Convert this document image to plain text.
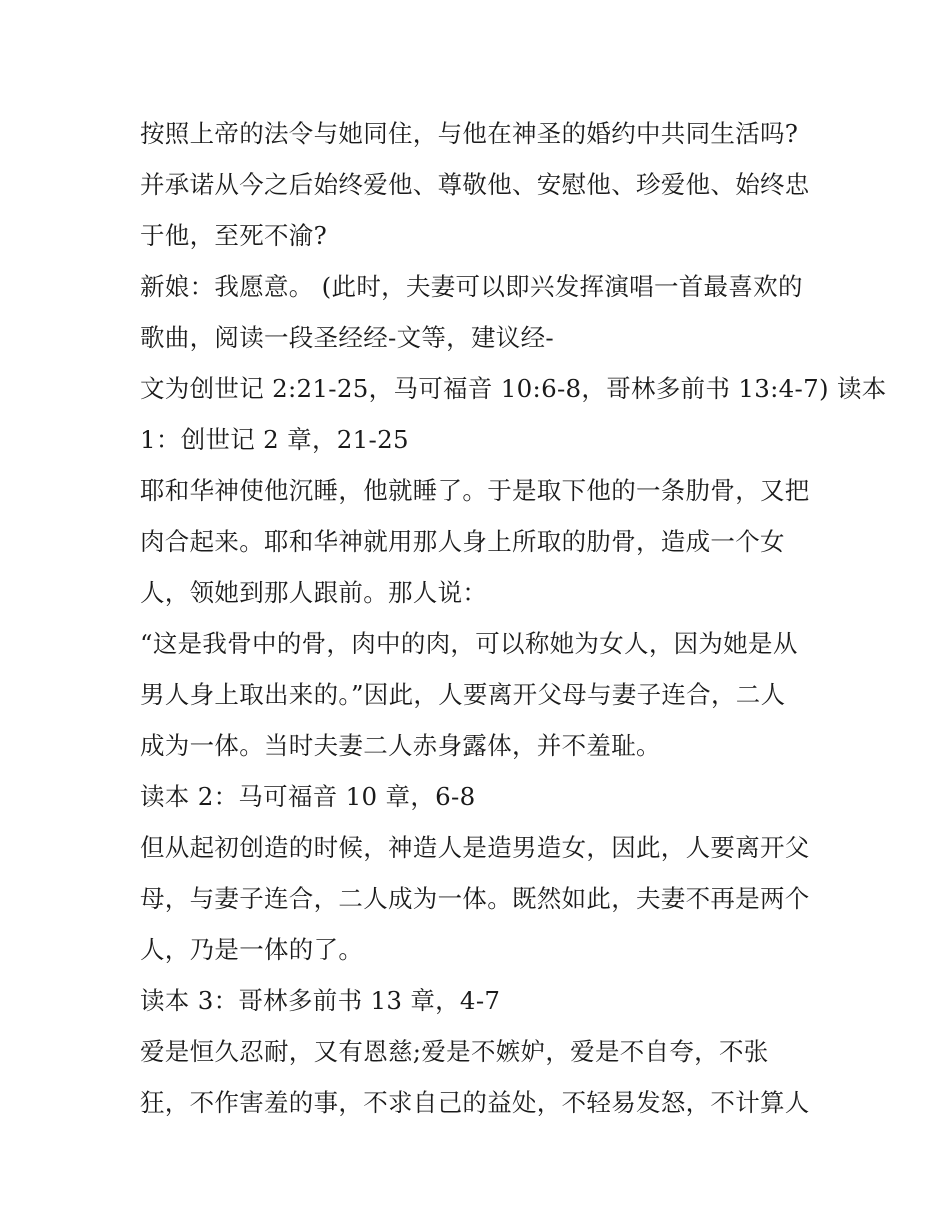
按照上帝的法令与她同住，与他在神圣的婚约中共同生活吗?
并承诺从今之后始终爱他、尊敬他、安慰他、珍爱他、始终忠
于他，至死不渝?
新娘：我愿意。 (此时，夫妻可以即兴发挥演唱一首最喜欢的
歌曲，阅读一段圣经经-文等，建议经-
文为创世记 2:21-25，马可福音 10:6-8，哥林多前书 13:4-7) 读本
1：创世记 2 章，21-25
耶和华神使他沉睡，他就睡了。于是取下他的一条肋骨，又把
肉合起来。耶和华神就用那人身上所取的肋骨，造成一个女
人，领她到那人跟前。那人说：
“这是我骨中的骨，肉中的肉，可以称她为女人，因为她是从
男人身上取出来的。”因此，人要离开父母与妻子连合，二人
成为一体。当时夫妻二人赤身露体，并不羞耻。
读本 2：马可福音 10 章，6-8
但从起初创造的时候，神造人是造男造女，因此，人要离开父
母，与妻子连合，二人成为一体。既然如此，夫妻不再是两个
人，乃是一体的了。
读本 3：哥林多前书 13 章，4-7
爱是恒久忍耐，又有恩慈;爱是不嫉妒，爱是不自夸，不张
狂，不作害羞的事，不求自己的益处，不轻易发怒，不计算人
